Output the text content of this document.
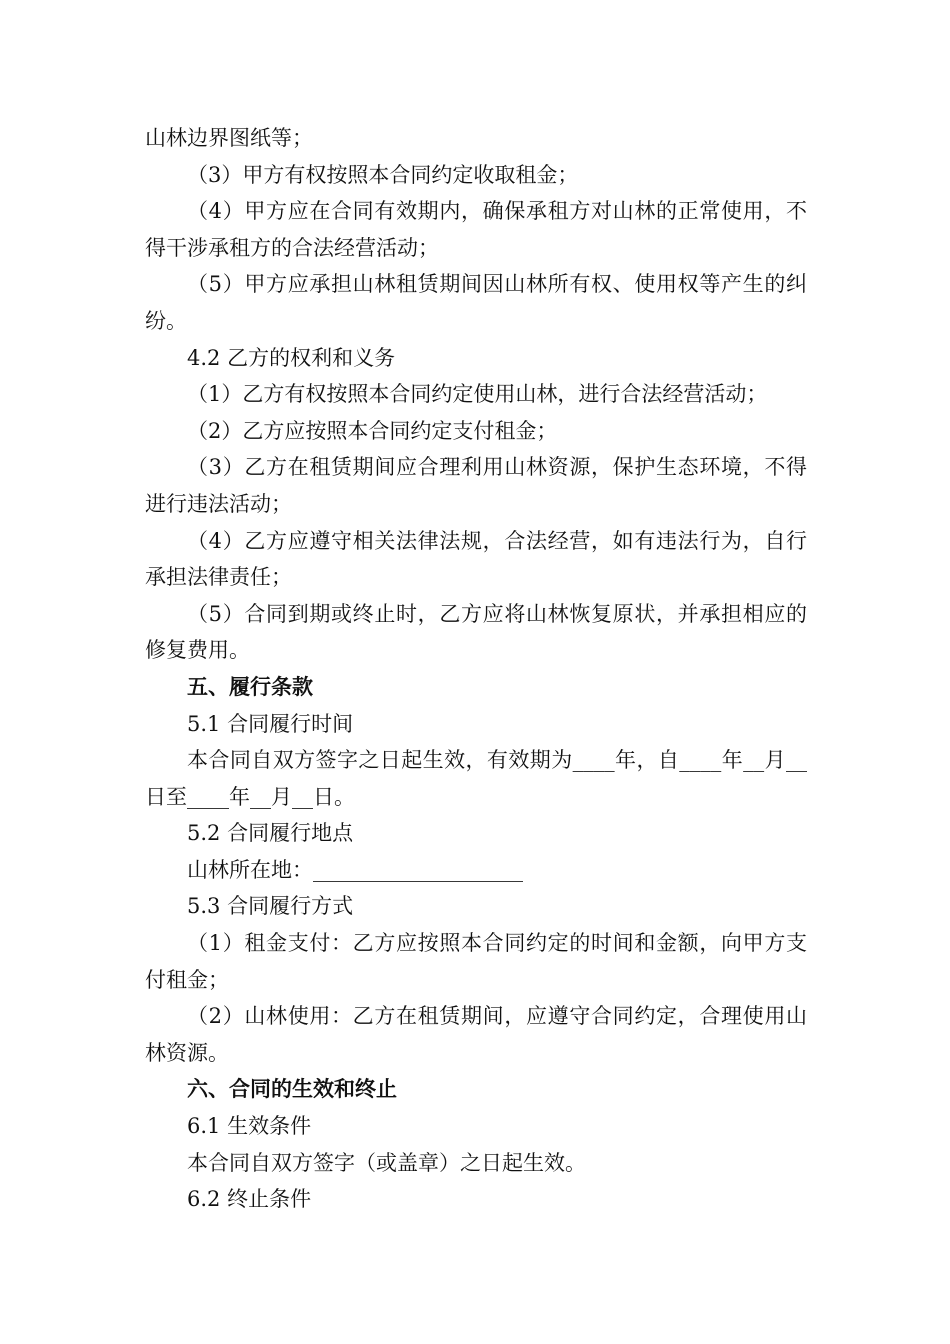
山林边界图纸等；

（3）甲方有权按照本合同约定收取租金；

（4）甲方应在合同有效期内，确保承租方对山林的正常使用，不得干涉承租方的合法经营活动；

（5）甲方应承担山林租赁期间因山林所有权、使用权等产生的纠纷。

4.2 乙方的权利和义务

（1）乙方有权按照本合同约定使用山林，进行合法经营活动；

（2）乙方应按照本合同约定支付租金；

（3）乙方在租赁期间应合理利用山林资源，保护生态环境，不得进行违法活动；

（4）乙方应遵守相关法律法规，合法经营，如有违法行为，自行承担法律责任；

（5）合同到期或终止时，乙方应将山林恢复原状，并承担相应的修复费用。

五、履行条款

5.1 合同履行时间

本合同自双方签字之日起生效，有效期为____年，自____年__月__日至____年__月__日。

5.2 合同履行地点

山林所在地：____________________

5.3 合同履行方式

（1）租金支付：乙方应按照本合同约定的时间和金额，向甲方支付租金；

（2）山林使用：乙方在租赁期间，应遵守合同约定，合理使用山林资源。

六、合同的生效和终止

6.1 生效条件

本合同自双方签字（或盖章）之日起生效。

6.2 终止条件
